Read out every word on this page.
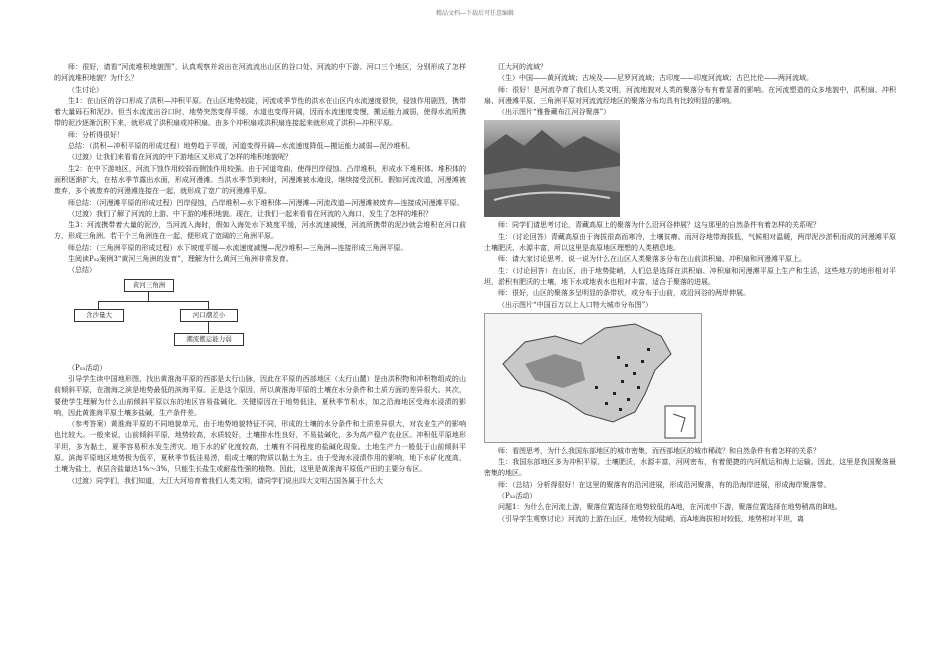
精品文档---下载后可任意编辑

师：很好，请看“河流堆积地貌图”，认真观察并说出在河流流出山区的谷口处、河流的中下游、河口三个地区，分别形成了怎样的河流堆积地貌？为什么？

（生讨论）

生1：在山区的谷口形成了洪积—冲积平原。在山区地势较陡，河流或季节性的洪水在山区内水流速度很快，侵蚀作用剧烈，携带着大量砾石和泥沙。但当水流流出谷口时，地势突然变得平缓，水道也变得开阔，因而水流速度变慢，搬运能力减弱，使得水流所携带的泥沙逐渐沉积下来，就形成了洪积扇或冲积扇。由多个冲积扇或洪积扇连接起来就形成了洪积—冲积平原。

师：分析得很好！

总结：（洪积—冲积平原的形成过程）地势趋于平缓，河道变得开阔—水流速度降低—搬运能力减弱—泥沙堆积。

（过渡）让我们来看看在河流的中下游地区又形成了怎样的堆积地貌呢？

生2：在中下游地区，河流下蚀作用较弱而侧蚀作用较强。由于河道弯曲，使得凹岸侵蚀、凸岸堆积，形成水下堆积体。堆积体的面积逐渐扩大，在枯水季节露出水面，形成河漫滩。当洪水季节到来时，河漫滩被水淹没，继续接受沉积。假如河流改道，河漫滩被废弃，多个被废弃的河漫滩连接在一起，就形成了宽广的河漫滩平原。

师总结：（河漫滩平原的形成过程）凹岸侵蚀，凸岸堆积—水下堆积体—河漫滩—河流改道—河漫滩被废弃—连接成河漫滩平原。

（过渡）我们了解了河流的上游、中下游的堆积地貌。现在，让我们一起来看看在河流的入海口，发生了怎样的堆积？

生3：河流携带着大量的泥沙，当河流入海时，假如入海处水下坡度平缓，河水流速减慢，河流所携带的泥沙就会堆积在河口前方，形成三角洲。若干个三角洲连在一起，便形成了宽阔的三角洲平原。

师总结：（三角洲平原的形成过程）水下坡度平缓—水流速度减慢—泥沙堆积—三角洲—连接形成三角洲平原。

生阅读P₅₂案例3“黄河三角洲的发育”，理解为什么黄河三角洲非常发育。

（总结）

黄河三角洲
含沙量大	河口潮差小
潮流搬运能力弱

（P₅₃活动）

引导学生读中国地形图，找出黄淮海平原的西部是太行山脉，因此在平原的西部地区（太行山麓）是由洪积物和冲积物组成的山前倾斜平原，在渤海之滨是地势最低的滨海平原。正是这个原因，所以黄淮海平原的土壤在水分条件和土质方面的差异很大。其次，要使学生理解为什么山前倾斜平原以东的地区容易盐碱化，关键原因在于地势低洼，夏秋季节积水，加之沿海地区受海水浸渍的影响，因此黄淮海平原土壤多盐碱，生产条件差。

（参考答案）黄淮海平原的不同地貌单元，由于地势地貌特征不同，形成的土壤的水分条件和土质差异很大，对农业生产的影响也比较大。一般来说，山前倾斜平原，地势较高，水质较好，土壤排水性良好，不易盐碱化，多为高产稳产农业区。冲积低平原地形平坦，多为黏土，夏季容易积水发生涝灾。地下水的矿化度较高，土壤有不同程度的盐碱化现象。土地生产力一般低于山前倾斜平原。滨海平原地区地势极为低平，夏秋季节低洼易涝，组成土壤的物质以黏土为主。由于受海水浸渍作用的影响，地下水矿化度高，土壤为盐土，表层含盐量达1%～3%，只能生长盐生或耐盐性强的植物。因此，这里是黄淮海平原低产田的主要分布区。

（过渡）同学们，我们知道，大江大河培育着我们人类文明，请同学们说出四大文明古国各属于什么大

江大河的流域？

（生）中国——黄河流域；古埃及——尼罗河流域；古印度——印度河流域；古巴比伦——两河流域。

师：很好！是河流孕育了我们人类文明，河流地貌对人类的聚落分布有着显著的影响。在河流塑造的众多地貌中，洪积扇、冲积扇、河漫滩平原、三角洲平原对河流流经地区的聚落分布均具有比较明显的影响。

（出示图片“雅鲁藏布江河谷聚落”）

师：同学们请思考讨论，青藏高原上的聚落为什么沿河谷伸展？这与那里的自然条件有着怎样的关系呢？

生：（讨论回答）青藏高原由于海拔很高而寒冷，土壤贫瘠。而河谷地带海拔低，气候相对温暖，两岸泥沙淤积而成的河漫滩平原土壤肥沃、水源丰富，所以这里是高原地区理想的人类栖息地。

师：请大家讨论思考，说一说为什么在山区人类聚落多分布在山前洪积扇、冲积扇和河漫滩平原上。

生：（讨论回答）在山区，由于地势陡峭，人们总是选择在洪积扇、冲积扇和河漫滩平原上生产和生活，这些地方的地形相对平坦，淤积有肥沃的土壤，地下水或地表水也相对丰富，适合于聚落的进展。

师：很好，山区的聚落多呈明显的条带状，或分布于山前，或沿河谷的两岸伸展。

（出示图片“中国百万以上人口特大城市分布图”）

师：看图思考，为什么我国东部地区的城市密集，而西部地区的城市稀疏？和自然条件有着怎样的关系？

生：我国东部地区多为冲积平原，土壤肥沃，水源丰富，河网密布，有着便捷的内河航运和海上运输。因此，这里是我国聚落最密集的地区。

师：（总结）分析得很好！在这里的聚落有的沿河进展，形成沿河聚落，有的沿海岸进展，形成海岸聚落带。

（P₅₃活动）

问题1：为什么在河流上游，聚落位置选择在地势较低的A地，在河流中下游，聚落位置选择在地势稍高的B地。

（引导学生观察讨论）河流的上游在山区，地势较为陡峭，而A地海拔相对较低，地势相对平坦，离
